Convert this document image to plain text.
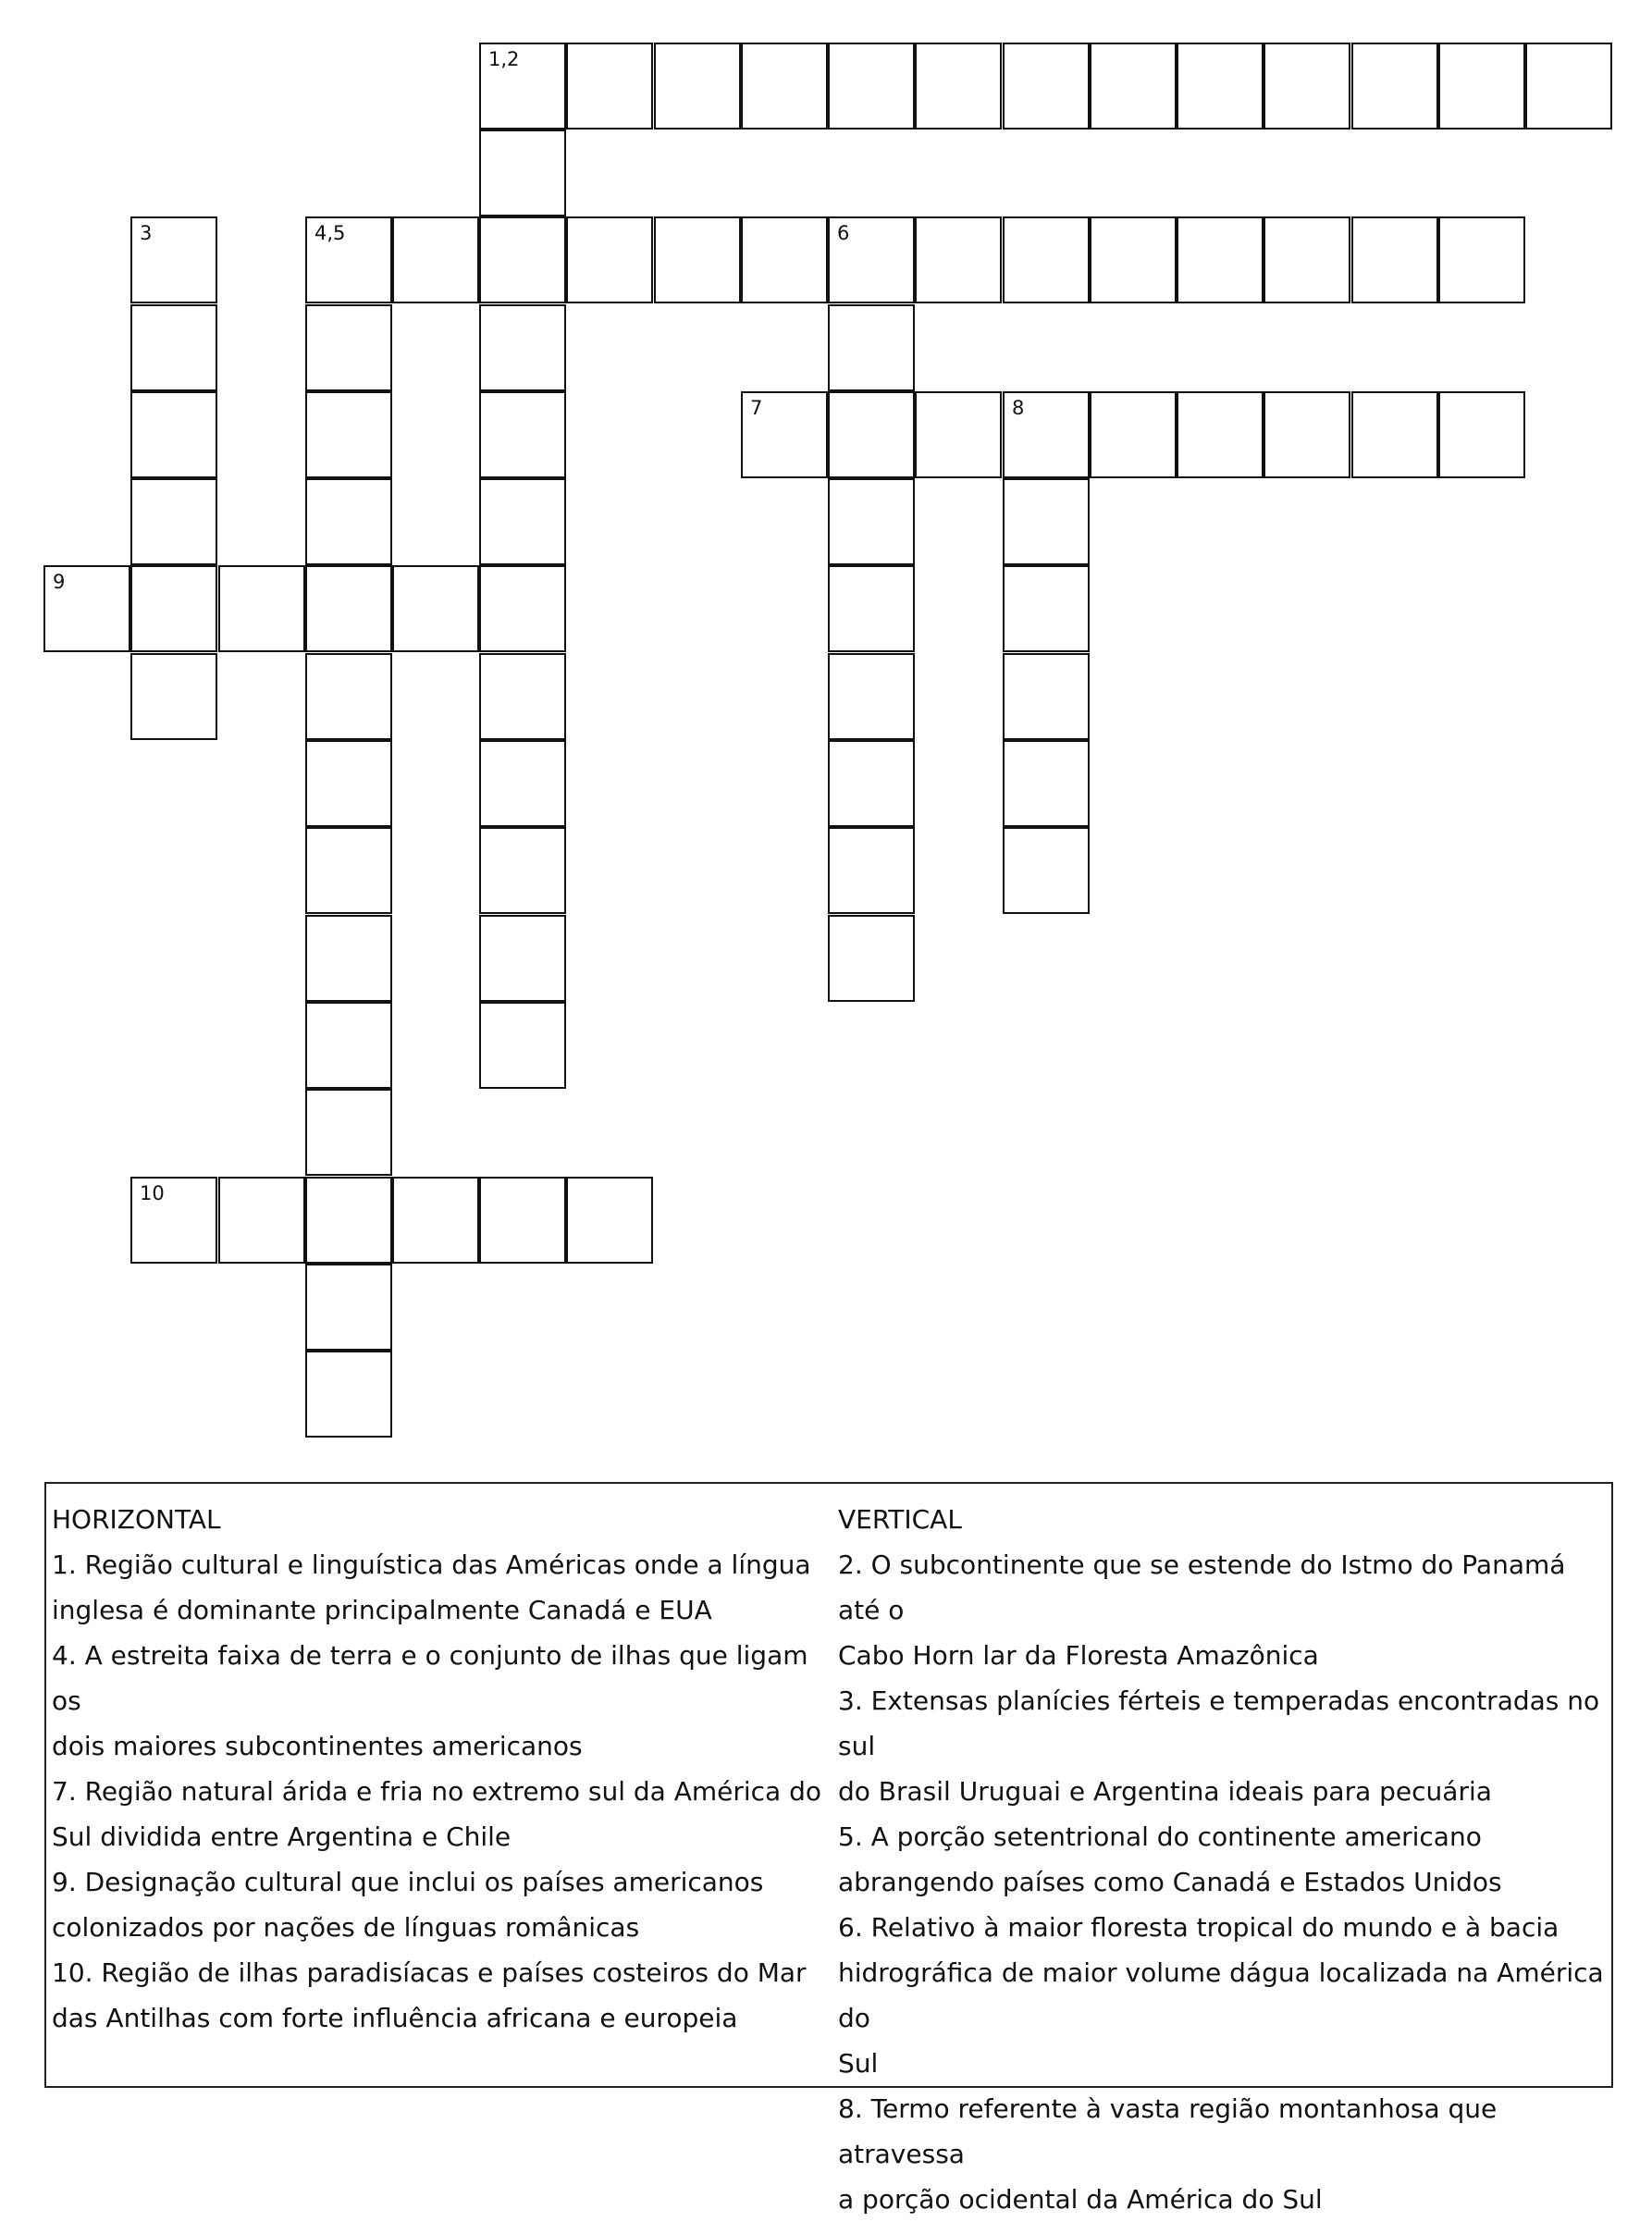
1,2
3	4,5	6
7	8
9
10

HORIZONTAL

1. Região cultural e linguística das Américas onde a língua

inglesa é dominante principalmente Canadá e EUA

4. A estreita faixa de terra e o conjunto de ilhas que ligam os

dois maiores subcontinentes americanos

7. Região natural árida e fria no extremo sul da América do

Sul dividida entre Argentina e Chile

9. Designação cultural que inclui os países americanos

colonizados por nações de línguas românicas

10. Região de ilhas paradisíacas e países costeiros do Mar

das Antilhas com forte influência africana e europeia

VERTICAL

2. O subcontinente que se estende do Istmo do Panamá até o

Cabo Horn lar da Floresta Amazônica

3. Extensas planícies férteis e temperadas encontradas no sul

do Brasil Uruguai e Argentina ideais para pecuária

5. A porção setentrional do continente americano

abrangendo países como Canadá e Estados Unidos

6. Relativo à maior floresta tropical do mundo e à bacia

hidrográfica de maior volume dágua localizada na América do

Sul

8. Termo referente à vasta região montanhosa que atravessa

a porção ocidental da América do Sul
